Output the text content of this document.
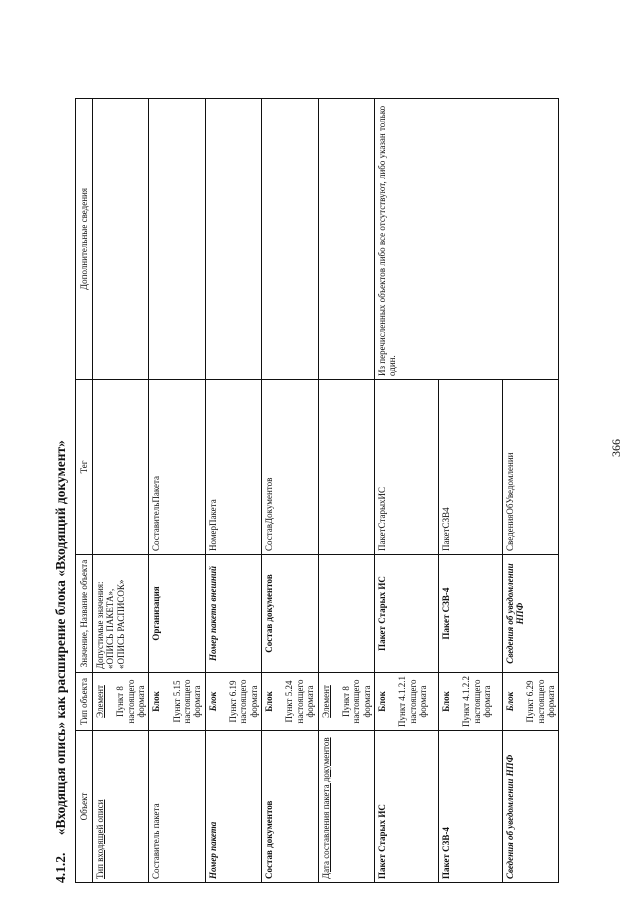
366
4.1.2. «Входящая опись» как расширение блока «Входящий документ» Объект	Тип объекта	Значение, Название объекта	Тег	Дополнительные сведения
Тип входящей описи	Элемент Пункт 8 настоящего формата	Допустимые значения: «ОПИСЬ ПАКЕТА», «ОПИСЬ РАСПИСОК»		
Составитель пакета	Блок Пункт 5.15 настоящего формата	Организация	СоставительПакета	
Номер пакета	Блок Пункт 6.19 настоящего формата	Номер пакета внешний	НомерПакета	
Состав документов	Блок Пункт 5.24 настоящего формата	Состав документов	СоставДокументов	
Дата составления пакета документов	Элемент Пункт 8 настоящего формата			

Пакет Старых ИС	Блок Пункт 4.1.2.1 настоящего формата	Пакет Старых ИС	ПакетСтарыхИС	Из перечисленных объектов либо все отсутствуют, либо указан только один.
Пакет СЗВ-4	Блок Пункт 4.1.2.2 настоящего формата	Пакет СЗВ-4	ПакетСЗВ4	
Сведения об уведомлении НПФ	Блок Пункт 6.29 настоящего формата	Сведения об уведомлении НПФ	СведенияОбУведомлении	
